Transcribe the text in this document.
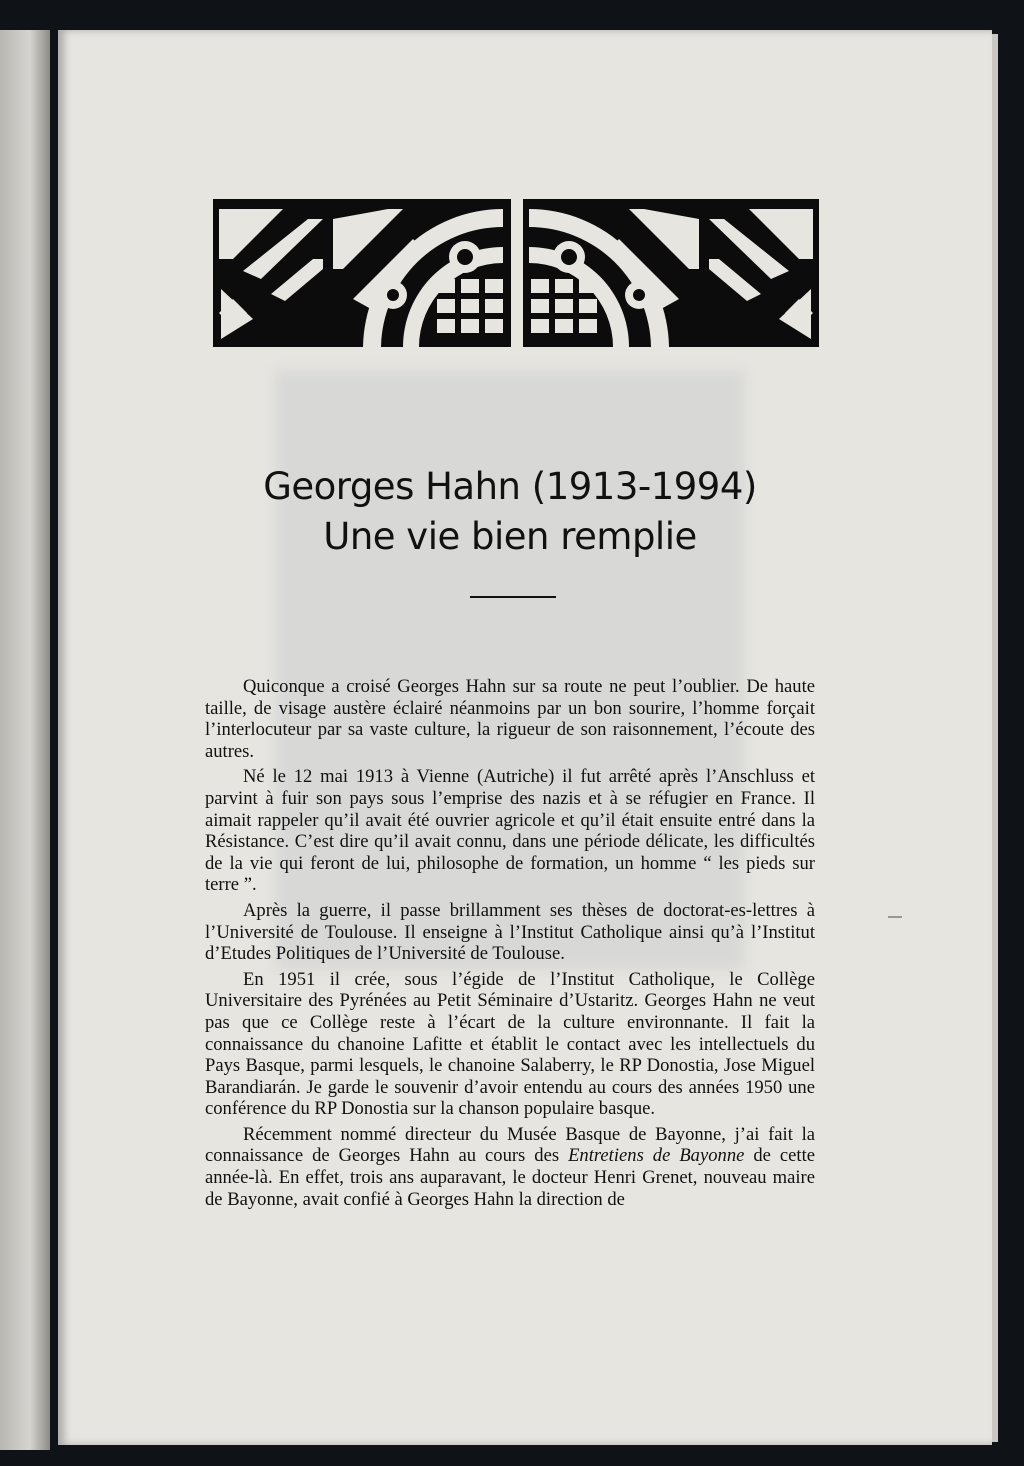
Georges Hahn (1913-1994)
Une vie bien remplie

Quiconque a croisé Georges Hahn sur sa route ne peut l’oublier. De haute taille, de visage austère éclairé néanmoins par un bon sourire, l’homme forçait l’interlocuteur par sa vaste culture, la rigueur de son raisonnement, l’écoute des autres.

Né le 12 mai 1913 à Vienne (Autriche) il fut arrêté après l’Anschluss et parvint à fuir son pays sous l’emprise des nazis et à se réfugier en France. Il aimait rappeler qu’il avait été ouvrier agricole et qu’il était ensuite entré dans la Résistance. C’est dire qu’il avait connu, dans une période délicate, les difficultés de la vie qui feront de lui, philosophe de formation, un homme “ les pieds sur terre ”.

Après la guerre, il passe brillamment ses thèses de doctorat-es-lettres à l’Université de Toulouse. Il enseigne à l’Institut Catholique ainsi qu’à l’Institut d’Etudes Politiques de l’Université de Toulouse.

En 1951 il crée, sous l’égide de l’Institut Catholique, le Collège Universitaire des Pyrénées au Petit Séminaire d’Ustaritz. Georges Hahn ne veut pas que ce Collège reste à l’écart de la culture environnante. Il fait la connaissance du chanoine Lafitte et établit le contact avec les intellectuels du Pays Basque, parmi lesquels, le chanoine Salaberry, le RP Donostia, Jose Miguel Barandiarán. Je garde le souvenir d’avoir entendu au cours des années 1950 une conférence du RP Donostia sur la chanson populaire basque.

Récemment nommé directeur du Musée Basque de Bayonne, j’ai fait la connaissance de Georges Hahn au cours des Entretiens de Bayonne de cette année-là. En effet, trois ans auparavant, le docteur Henri Grenet, nouveau maire de Bayonne, avait confié à Georges Hahn la direction de
